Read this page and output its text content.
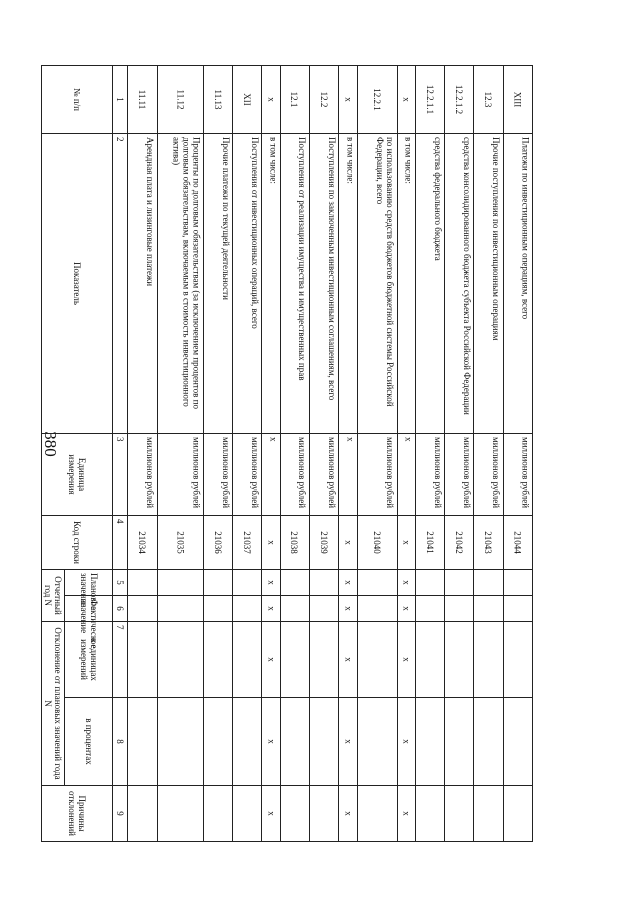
380
№ п/п	Показатель	Единица измерения	Код строки	Отчетный год N		Отклонение от плановых значений года N		Причины отклонений
				Плановое значение	Фактическое значение	в единицах измерений	в процентах	

1	2	3	4	5	6	7	8	9
11.11	Арендная плата и лизинговые платежи	миллионов рублей	21034					
11.12	Проценты по долговым обязательствам (за исключением процентов по долговым обязательствам, включаемым в стоимость инвестиционного актива)	миллионов рублей	21035					
11.13	Прочие платежи по текущей деятельности	миллионов рублей	21036					
XII	Поступления от инвестиционных операций, всего	миллионов рублей	21037					
x	в том числе:	x	x	x	x	x	x	x
12.1	Поступления от реализации имущества и имущественных прав	миллионов рублей	21038					
12.2	Поступления по заключенным инвестиционным соглашениям, всего	миллионов рублей	21039					
x	в том числе:	x	x	x	x	x	x	x
12.2.1	по использованию средств бюджетов бюджетной системы Российской Федерации, всего	миллионов рублей	21040					
x	в том числе:	x	x	x	x	x	x	x
12.2.1.1	средства федерального бюджета	миллионов рублей	21041					
12.2.1.2	средства консолидированного бюджета субъекта Российской Федерации	миллионов рублей	21042					
12.3	Прочие поступления по инвестиционным операциям	миллионов рублей	21043					
XIII	Платежи по инвестиционным операциям, всего	миллионов рублей	21044					
